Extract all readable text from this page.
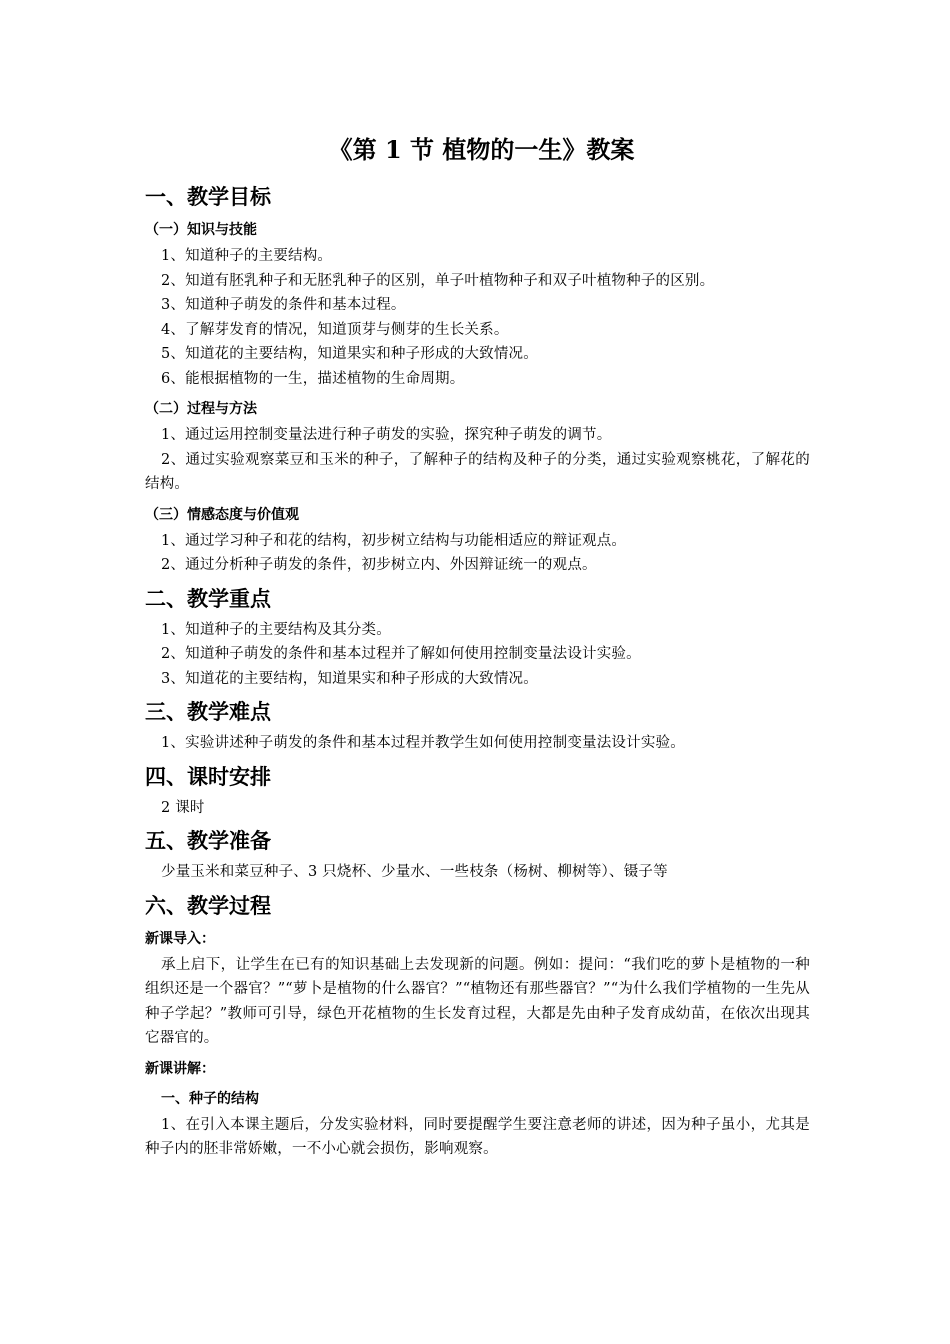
《第 1 节 植物的一生》教案
一、教学目标
（一）知识与技能

1、知道种子的主要结构。

2、知道有胚乳种子和无胚乳种子的区别，单子叶植物种子和双子叶植物种子的区别。

3、知道种子萌发的条件和基本过程。

4、了解芽发育的情况，知道顶芽与侧芽的生长关系。

5、知道花的主要结构，知道果实和种子形成的大致情况。

6、能根据植物的一生，描述植物的生命周期。

（二）过程与方法

1、通过运用控制变量法进行种子萌发的实验，探究种子萌发的调节。

2、通过实验观察菜豆和玉米的种子，了解种子的结构及种子的分类，通过实验观察桃花，了解花的结构。

（三）情感态度与价值观

1、通过学习种子和花的结构，初步树立结构与功能相适应的辩证观点。

2、通过分析种子萌发的条件，初步树立内、外因辩证统一的观点。

二、教学重点

1、知道种子的主要结构及其分类。

2、知道种子萌发的条件和基本过程并了解如何使用控制变量法设计实验。

3、知道花的主要结构，知道果实和种子形成的大致情况。

三、教学难点

1、实验讲述种子萌发的条件和基本过程并教学生如何使用控制变量法设计实验。

四、课时安排

2 课时

五、教学准备

少量玉米和菜豆种子、3 只烧杯、少量水、一些枝条（杨树、柳树等）、镊子等

六、教学过程
新课导入：

承上启下，让学生在已有的知识基础上去发现新的问题。例如：提问：“我们吃的萝卜是植物的一种组织还是一个器官？”“萝卜是植物的什么器官？”“植物还有那些器官？”“为什么我们学植物的一生先从种子学起？”教师可引导，绿色开花植物的生长发育过程，大都是先由种子发育成幼苗，在依次出现其它器官的。

新课讲解：
一、种子的结构

1、在引入本课主题后，分发实验材料，同时要提醒学生要注意老师的讲述，因为种子虽小，尤其是种子内的胚非常娇嫩，一不小心就会损伤，影响观察。
